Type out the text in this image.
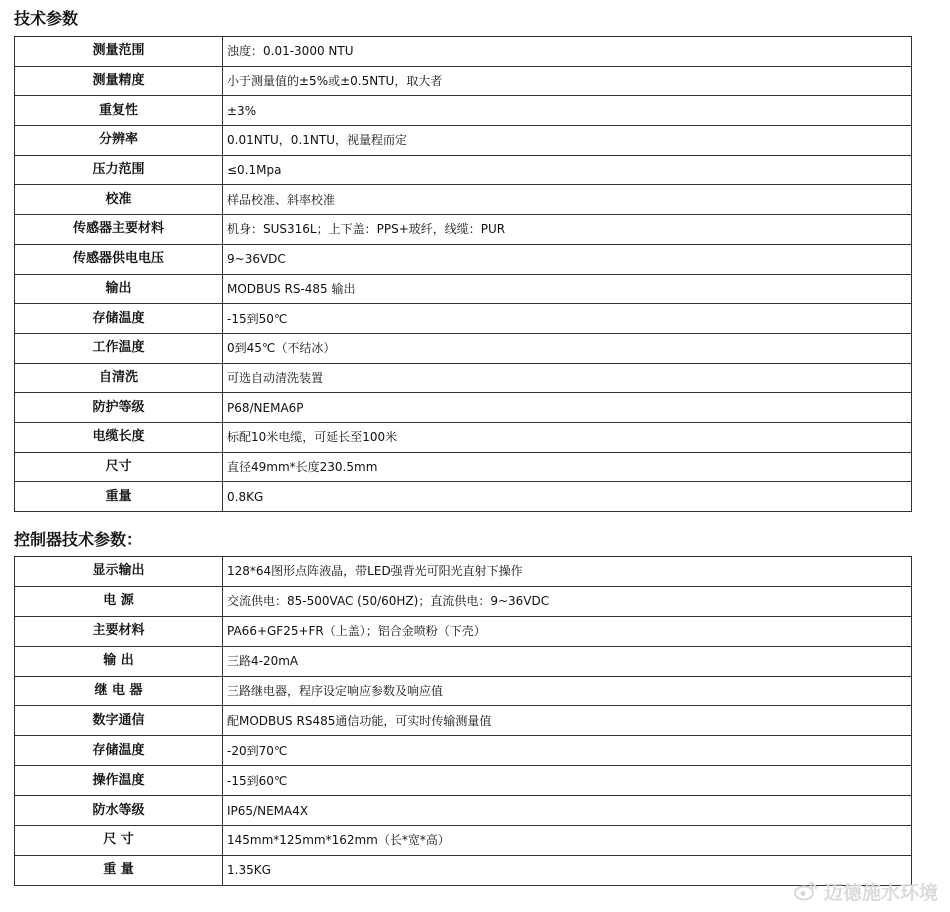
技术参数
测量范围	浊度：0.01-3000 NTU
测量精度	小于测量值的±5%或±0.5NTU，取大者
重复性	±3%
分辨率	0.01NTU，0.1NTU，视量程而定
压力范围	≤0.1Mpa
校准	样品校准、斜率校准
传感器主要材料	机身：SUS316L；上下盖：PPS+玻纤，线缆：PUR
传感器供电电压	9~36VDC
输出	MODBUS RS-485 输出
存储温度	-15到50℃
工作温度	0到45℃（不结冰）
自清洗	可选自动清洗装置
防护等级	P68/NEMA6P
电缆长度	标配10米电缆，可延长至100米
尺寸	直径49mm*长度230.5mm
重量	0.8KG
控制器技术参数：
显示输出	128*64图形点阵液晶，带LED强背光可阳光直射下操作
电 源	交流供电：85-500VAC (50/60HZ)；直流供电：9~36VDC
主要材料	PA66+GF25+FR（上盖）；铝合金喷粉（下壳）
输 出	三路4-20mA
继 电 器	三路继电器，程序设定响应参数及响应值
数字通信	配MODBUS RS485通信功能，可实时传输测量值
存储温度	-20到70℃
操作温度	-15到60℃
防水等级	IP65/NEMA4X
尺 寸	145mm*125mm*162mm（长*宽*高）
重 量	1.35KG
迈德施水环境
